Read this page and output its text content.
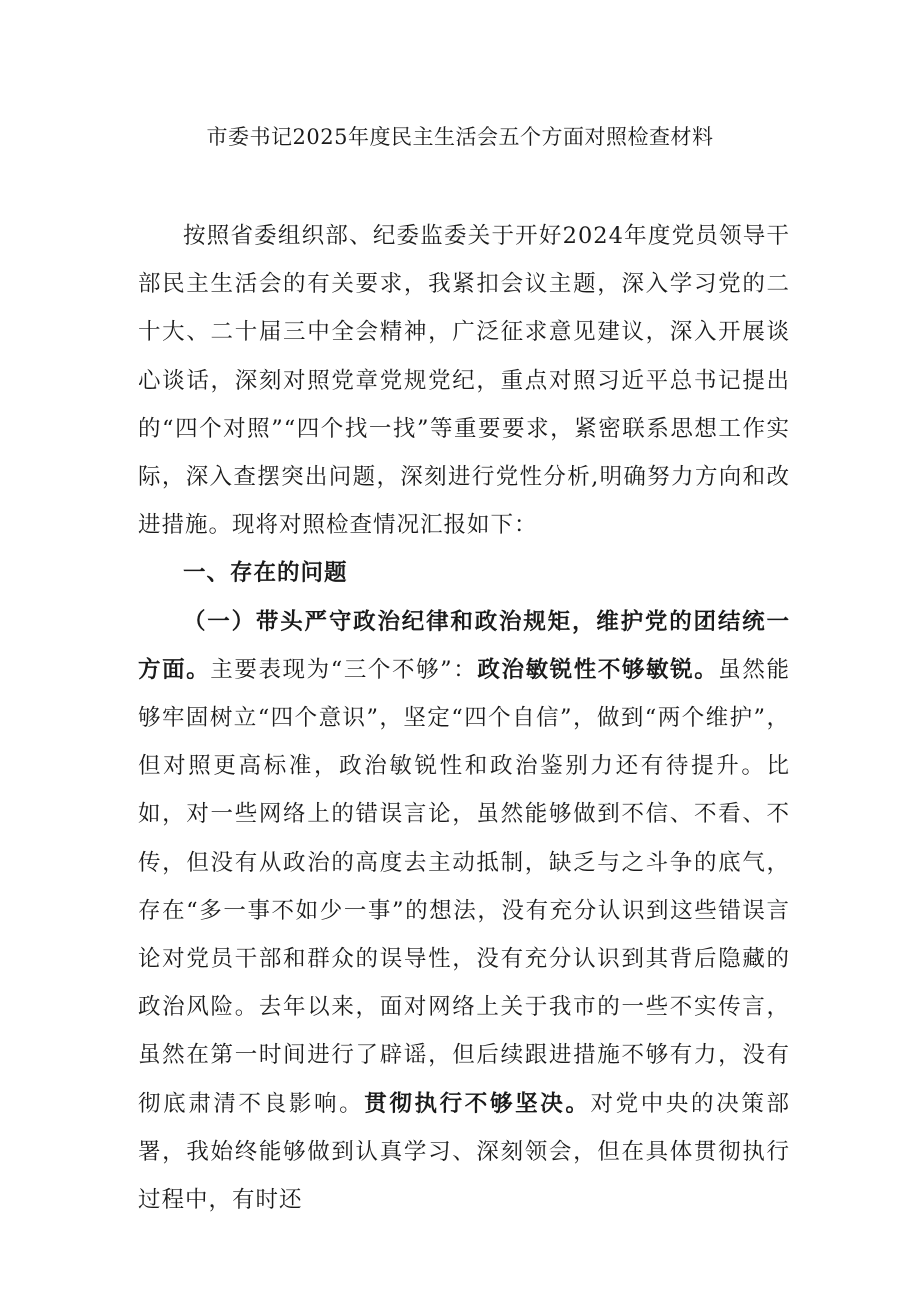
市委书记2025年度民主生活会五个方面对照检查材料

按照省委组织部、纪委监委关于开好2024年度党员领导干部民主生活会的有关要求，我紧扣会议主题，深入学习党的二十大、二十届三中全会精神，广泛征求意见建议，深入开展谈心谈话，深刻对照党章党规党纪，重点对照习近平总书记提出的“四个对照”“四个找一找”等重要要求，紧密联系思想工作实际，深入查摆突出问题，深刻进行党性分析,明确努力方向和改进措施。现将对照检查情况汇报如下：

一、存在的问题

（一）带头严守政治纪律和政治规矩，维护党的团结统一方面。主要表现为“三个不够”：政治敏锐性不够敏锐。虽然能够牢固树立“四个意识”，坚定“四个自信”，做到“两个维护”，但对照更高标准，政治敏锐性和政治鉴别力还有待提升。比如，对一些网络上的错误言论，虽然能够做到不信、不看、不传，但没有从政治的高度去主动抵制，缺乏与之斗争的底气，存在“多一事不如少一事”的想法，没有充分认识到这些错误言论对党员干部和群众的误导性，没有充分认识到其背后隐藏的政治风险。去年以来，面对网络上关于我市的一些不实传言，虽然在第一时间进行了辟谣，但后续跟进措施不够有力，没有彻底肃清不良影响。贯彻执行不够坚决。对党中央的决策部署，我始终能够做到认真学习、深刻领会，但在具体贯彻执行过程中，有时还
